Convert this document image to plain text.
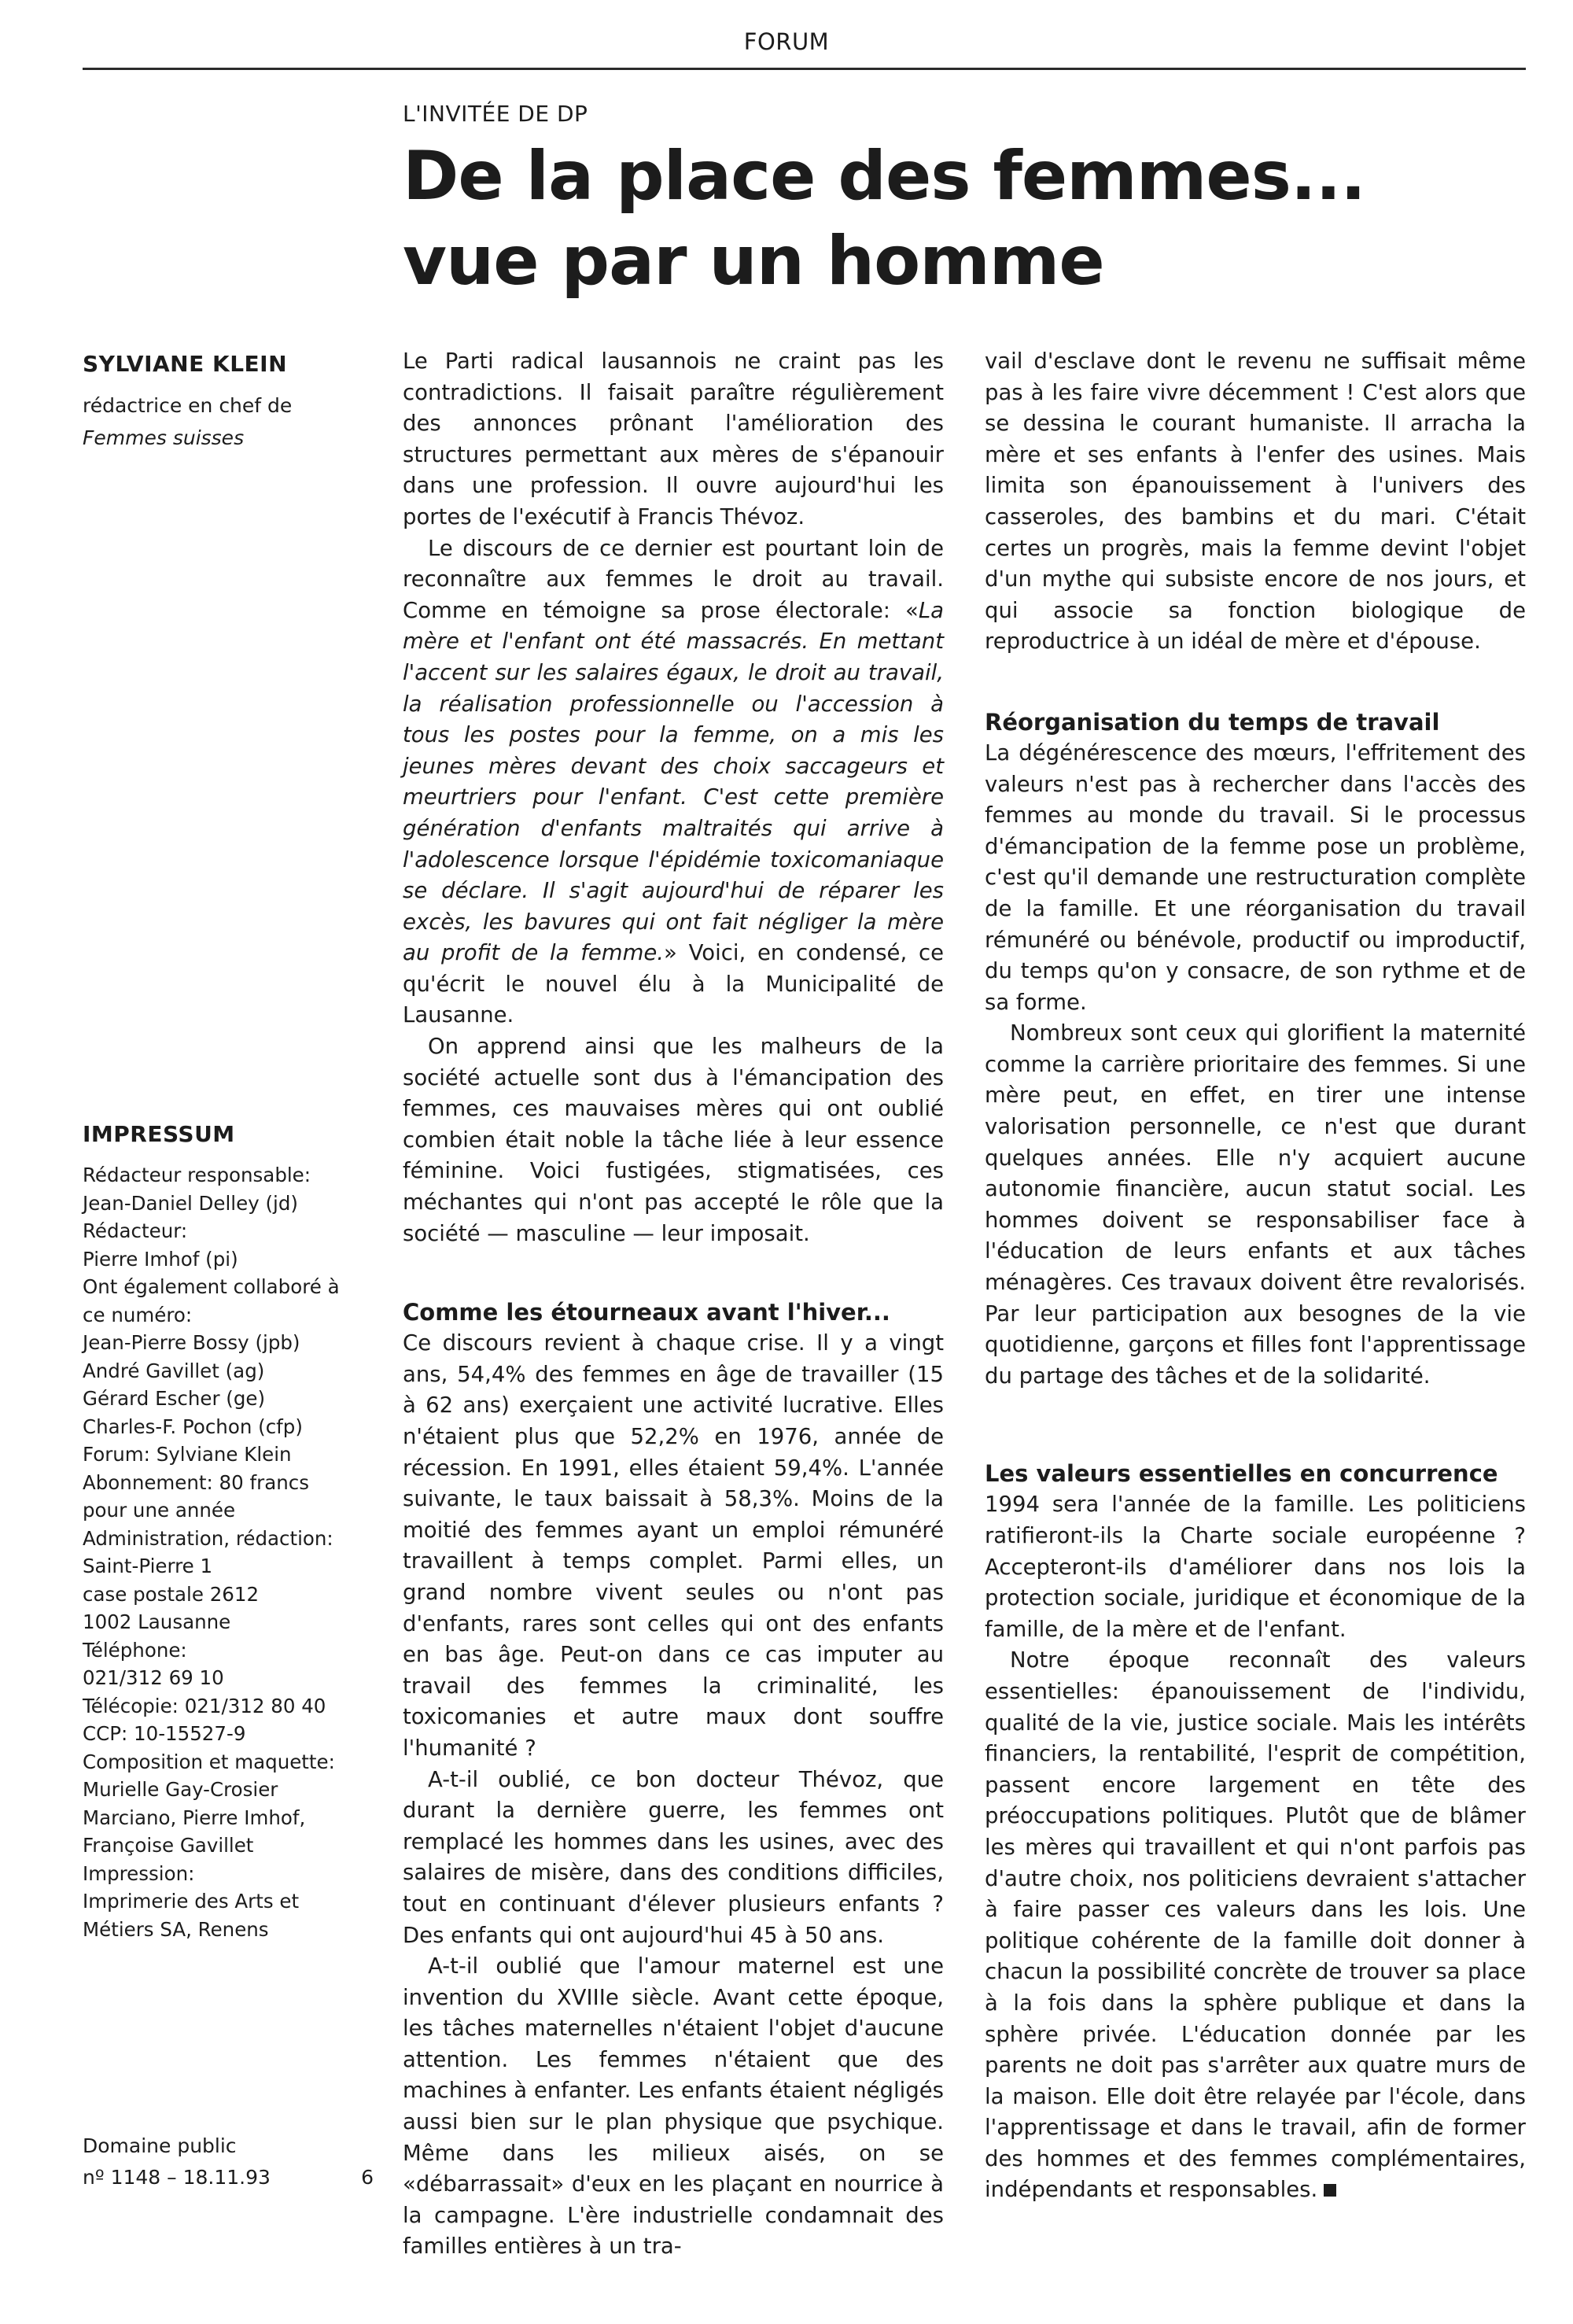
FORUM
L'INVITÉE DE DP
De la place des femmes...
vue par un homme
SYLVIANE KLEIN
rédactrice en chef de
Femmes suisses
IMPRESSUM
Rédacteur responsable:
Jean-Daniel Delley (jd)
Rédacteur:
Pierre Imhof (pi)
Ont également collaboré à
ce numéro:
Jean-Pierre Bossy (jpb)
André Gavillet (ag)
Gérard Escher (ge)
Charles-F. Pochon (cfp)
Forum: Sylviane Klein
Abonnement: 80 francs
pour une année
Administration, rédaction:
Saint-Pierre 1
case postale 2612
1002 Lausanne
Téléphone:
021/312 69 10
Télécopie: 021/312 80 40
CCP: 10-15527-9
Composition et maquette:
Murielle Gay-Crosier
Marciano, Pierre Imhof,
Françoise Gavillet
Impression:
Imprimerie des Arts et
Métiers SA, Renens
Domaine public
nº 1148 – 18.11.93	6

Le Parti radical lausannois ne craint pas les contradictions. Il faisait paraître régulièrement des annonces prônant l'amélioration des structures permettant aux mères de s'épanouir dans une profession. Il ouvre aujourd'hui les portes de l'exécutif à Francis Thévoz.

Le discours de ce dernier est pourtant loin de reconnaître aux femmes le droit au travail. Comme en témoigne sa prose électorale: «La mère et l'enfant ont été massacrés. En mettant l'accent sur les salaires égaux, le droit au travail, la réalisation professionnelle ou l'accession à tous les postes pour la femme, on a mis les jeunes mères devant des choix saccageurs et meurtriers pour l'enfant. C'est cette première génération d'enfants maltraités qui arrive à l'adolescence lorsque l'épidémie toxicomaniaque se déclare. Il s'agit aujourd'hui de réparer les excès, les bavures qui ont fait négliger la mère au profit de la femme.» Voici, en condensé, ce qu'écrit le nouvel élu à la Municipalité de Lausanne.

On apprend ainsi que les malheurs de la société actuelle sont dus à l'émancipation des femmes, ces mauvaises mères qui ont oublié combien était noble la tâche liée à leur essence féminine. Voici fustigées, stigmatisées, ces méchantes qui n'ont pas accepté le rôle que la société — masculine — leur imposait.

Comme les étourneaux avant l'hiver...

Ce discours revient à chaque crise. Il y a vingt ans, 54,4% des femmes en âge de travailler (15 à 62 ans) exerçaient une activité lucrative. Elles n'étaient plus que 52,2% en 1976, année de récession. En 1991, elles étaient 59,4%. L'année suivante, le taux baissait à 58,3%. Moins de la moitié des femmes ayant un emploi rémunéré travaillent à temps complet. Parmi elles, un grand nombre vivent seules ou n'ont pas d'enfants, rares sont celles qui ont des enfants en bas âge. Peut-on dans ce cas imputer au travail des femmes la criminalité, les toxicomanies et autre maux dont souffre l'humanité ?

A-t-il oublié, ce bon docteur Thévoz, que durant la dernière guerre, les femmes ont remplacé les hommes dans les usines, avec des salaires de misère, dans des conditions difficiles, tout en continuant d'élever plusieurs enfants ? Des enfants qui ont aujourd'hui 45 à 50 ans.

A-t-il oublié que l'amour maternel est une invention du XVIIIe siècle. Avant cette époque, les tâches maternelles n'étaient l'objet d'aucune attention. Les femmes n'étaient que des machines à enfanter. Les enfants étaient négligés aussi bien sur le plan physique que psychique. Même dans les milieux aisés, on se «débarrassait» d'eux en les plaçant en nourrice à la campagne. L'ère industrielle condamnait des familles entières à un tra-

vail d'esclave dont le revenu ne suffisait même pas à les faire vivre décemment ! C'est alors que se dessina le courant humaniste. Il arracha la mère et ses enfants à l'enfer des usines. Mais limita son épanouissement à l'univers des casseroles, des bambins et du mari. C'était certes un progrès, mais la femme devint l'objet d'un mythe qui subsiste encore de nos jours, et qui associe sa fonction biologique de reproductrice à un idéal de mère et d'épouse.

Réorganisation du temps de travail

La dégénérescence des mœurs, l'effritement des valeurs n'est pas à rechercher dans l'accès des femmes au monde du travail. Si le processus d'émancipation de la femme pose un problème, c'est qu'il demande une restructuration complète de la famille. Et une réorganisation du travail rémunéré ou bénévole, productif ou improductif, du temps qu'on y consacre, de son rythme et de sa forme.

Nombreux sont ceux qui glorifient la maternité comme la carrière prioritaire des femmes. Si une mère peut, en effet, en tirer une intense valorisation personnelle, ce n'est que durant quelques années. Elle n'y acquiert aucune autonomie financière, aucun statut social. Les hommes doivent se responsabiliser face à l'éducation de leurs enfants et aux tâches ménagères. Ces travaux doivent être revalorisés. Par leur participation aux besognes de la vie quotidienne, garçons et filles font l'apprentissage du partage des tâches et de la solidarité.

Les valeurs essentielles en concurrence

1994 sera l'année de la famille. Les politiciens ratifieront-ils la Charte sociale européenne ? Accepteront-ils d'améliorer dans nos lois la protection sociale, juridique et économique de la famille, de la mère et de l'enfant.

Notre époque reconnaît des valeurs essentielles: épanouissement de l'individu, qualité de la vie, justice sociale. Mais les intérêts financiers, la rentabilité, l'esprit de compétition, passent encore largement en tête des préoccupations politiques. Plutôt que de blâmer les mères qui travaillent et qui n'ont parfois pas d'autre choix, nos politiciens devraient s'attacher à faire passer ces valeurs dans les lois. Une politique cohérente de la famille doit donner à chacun la possibilité concrète de trouver sa place à la fois dans la sphère publique et dans la sphère privée. L'éducation donnée par les parents ne doit pas s'arrêter aux quatre murs de la maison. Elle doit être relayée par l'école, dans l'apprentissage et dans le travail, afin de former des hommes et des femmes complémentaires, indépendants et responsables.
